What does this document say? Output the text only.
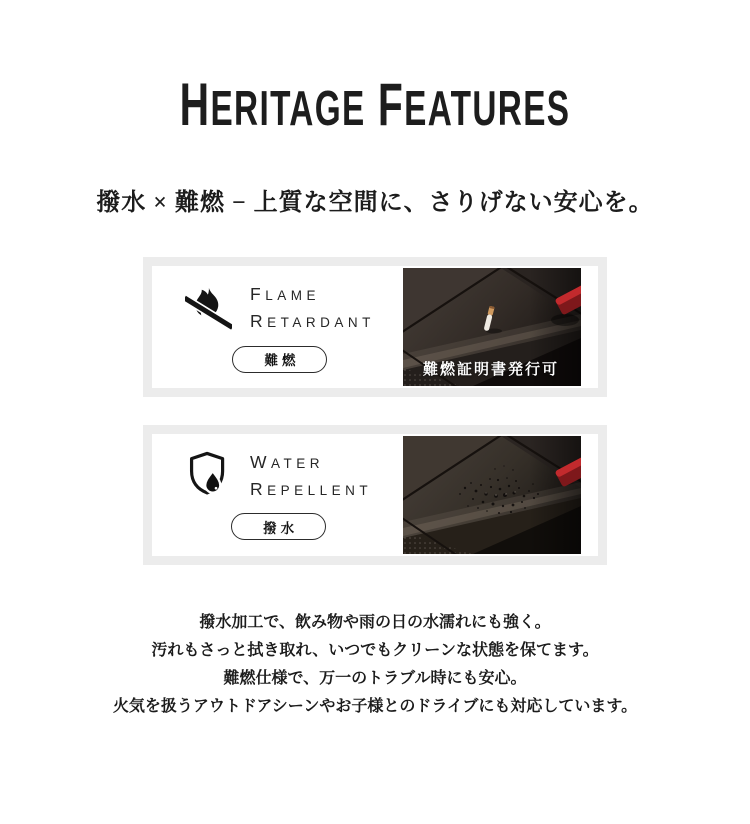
HERITAGE FEATURES

撥水 × 難燃 − 上質な空間に、さりげない安心を。

FLAME
RETARDANT
難燃
難燃証明書発行可
WATER
REPELLENT
撥水

撥水加工で、飲み物や雨の日の水濡れにも強く。

汚れもさっと拭き取れ、いつでもクリーンな状態を保てます。

難燃仕様で、万一のトラブル時にも安心。

火気を扱うアウトドアシーンやお子様とのドライブにも対応しています。
